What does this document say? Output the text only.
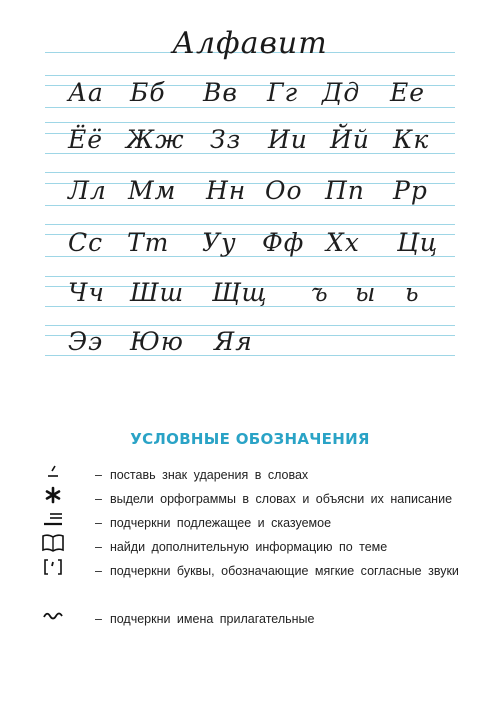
Алфавит
Аа Бб Вв Гг Дд Ее
Ёё Жж Зз Ии Йй Кк
Лл Мм Нн Оо Пп Рр
Сс Тт Уу Фф Хх Цц
Чч Шш Щщ ъ ы ь
Ээ Юю Яя
УСЛОВНЫЕ ОБОЗНАЧЕНИЯ
– поставь знак ударения в словах
– выдели орфограммы в словах и объясни их написание
– подчеркни подлежащее и сказуемое
– найди дополнительную информацию по теме
– подчеркни буквы, обозначающие мягкие согласные звуки
– подчеркни имена прилагательные
